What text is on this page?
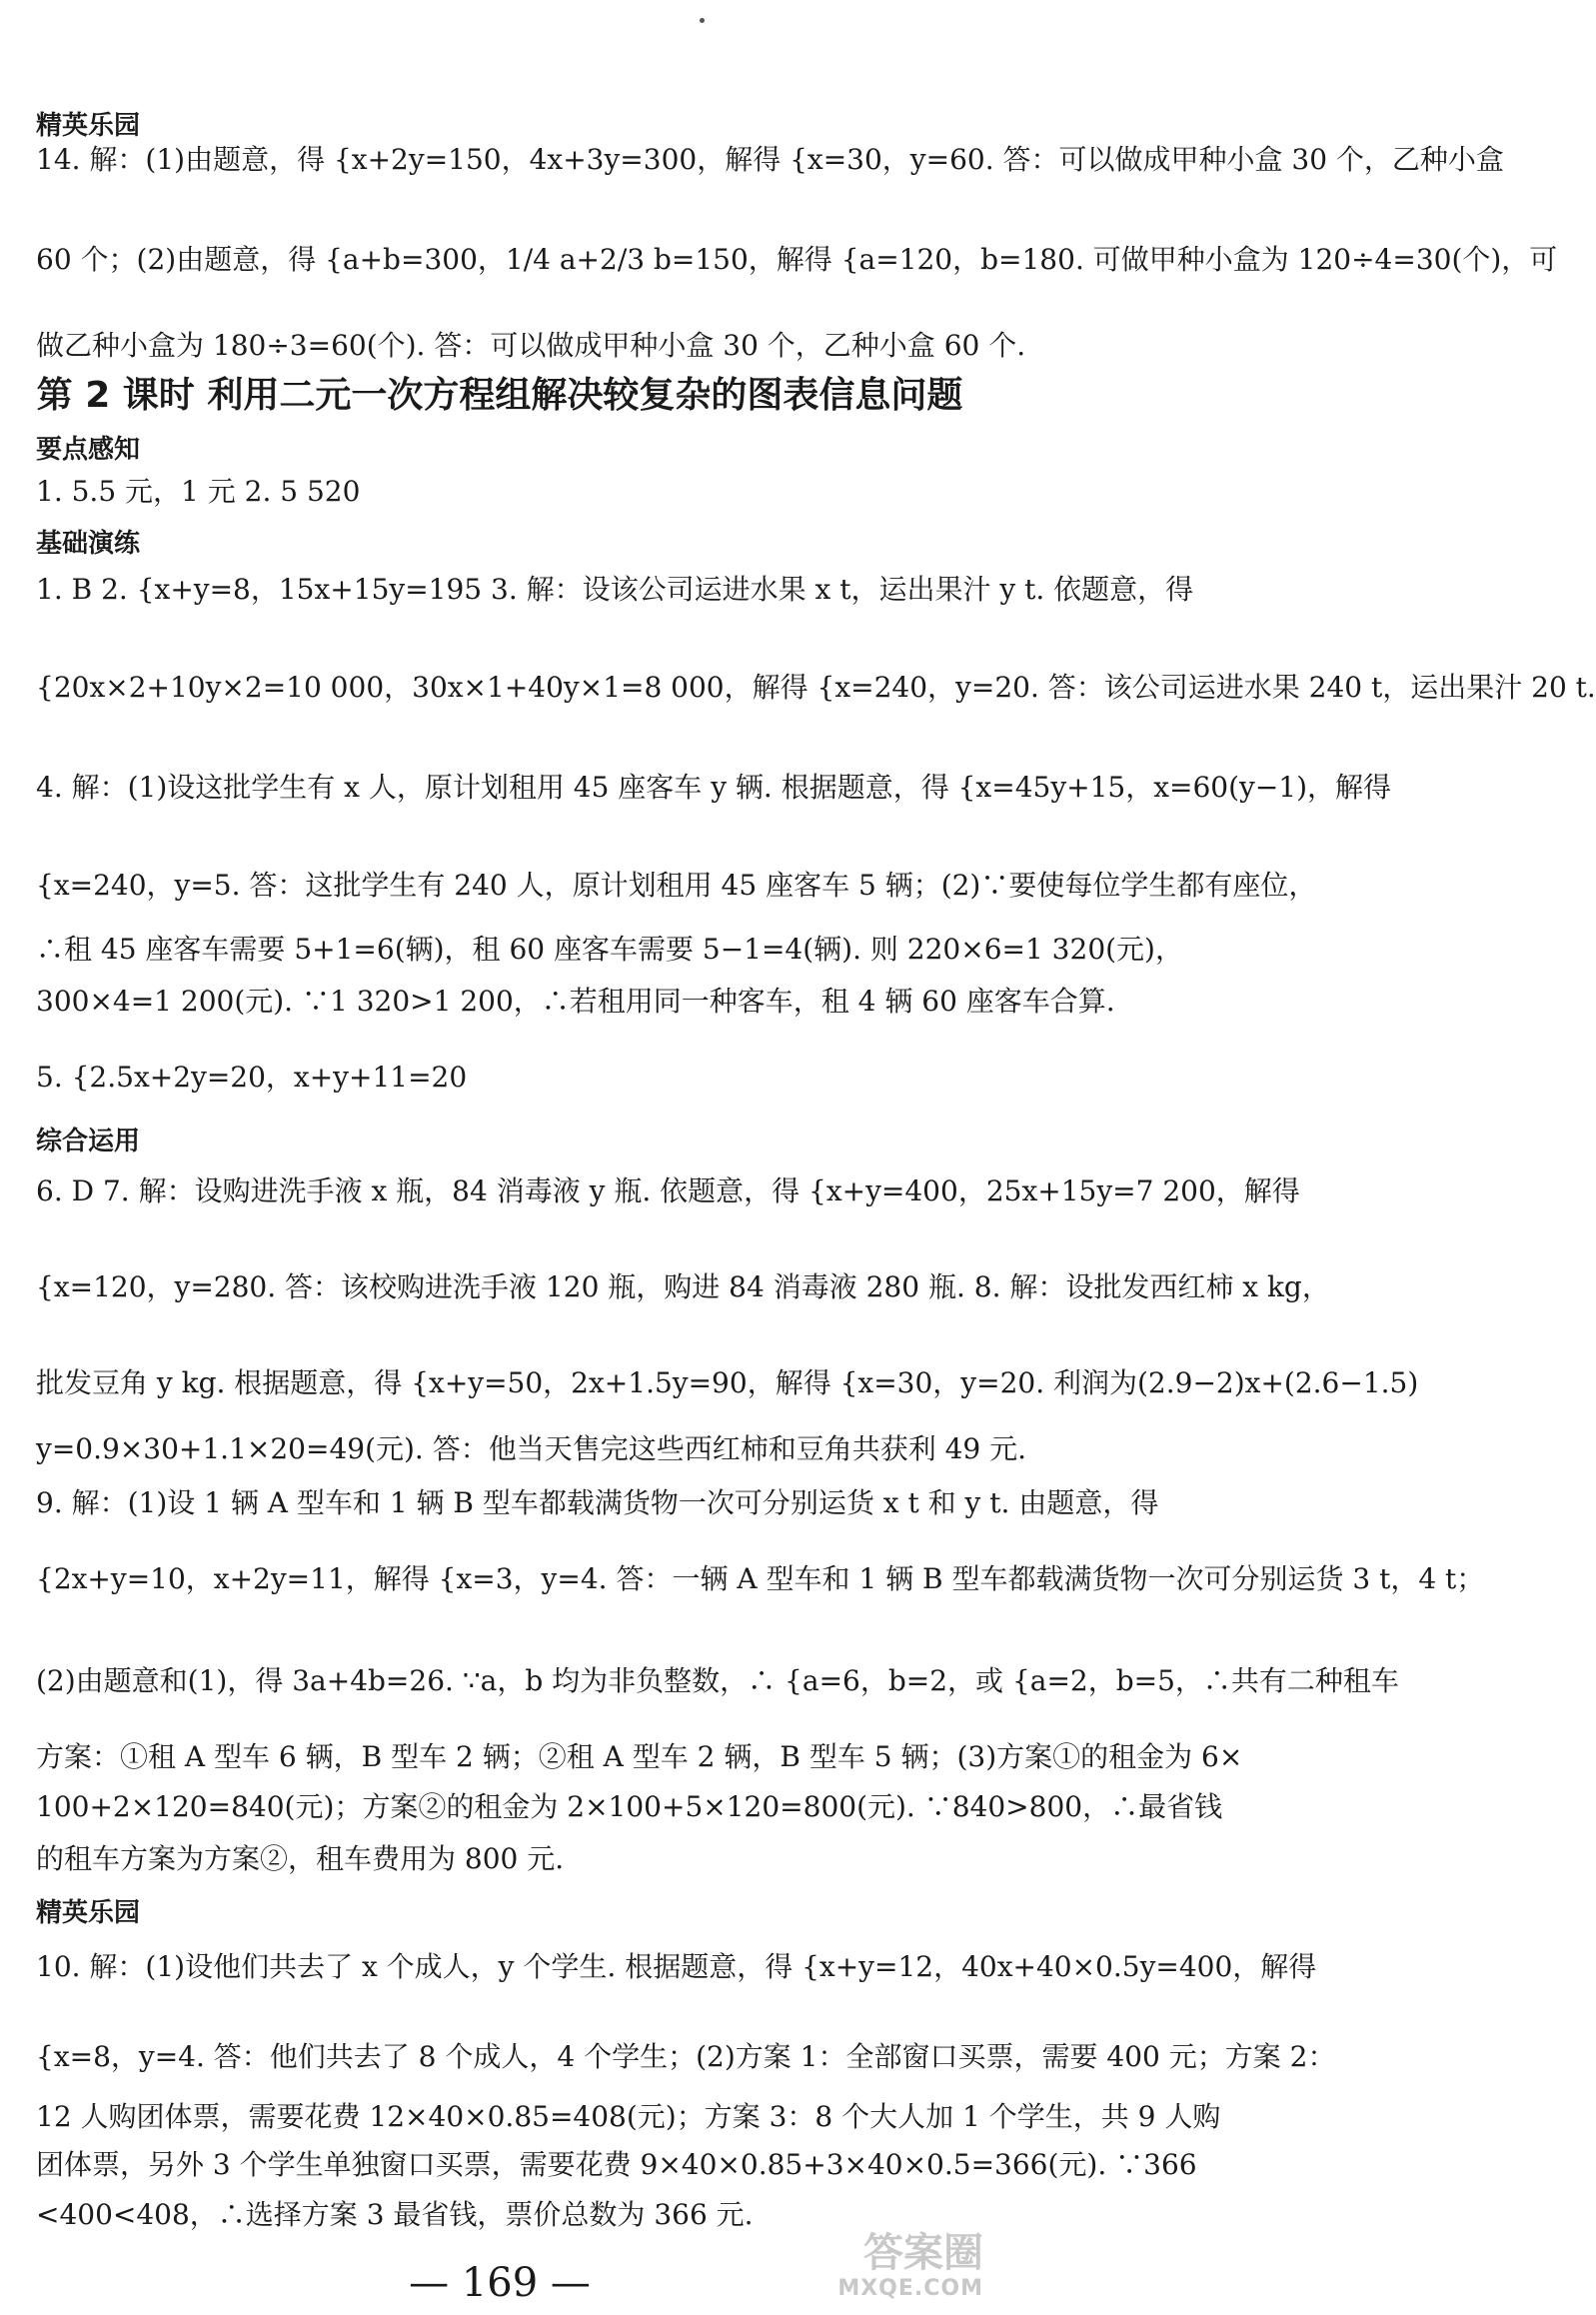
精英乐园
14. 解：(1)由题意，得 {x+2y=150，4x+3y=300，解得 {x=30，y=60. 答：可以做成甲种小盒 30 个，乙种小盒
60 个；(2)由题意，得 {a+b=300，1/4 a+2/3 b=150，解得 {a=120，b=180. 可做甲种小盒为 120÷4=30(个)，可
做乙种小盒为 180÷3=60(个). 答：可以做成甲种小盒 30 个，乙种小盒 60 个.
第 2 课时 利用二元一次方程组解决较复杂的图表信息问题
要点感知
1. 5.5 元，1 元 2. 5 520
基础演练
1. B 2. {x+y=8，15x+15y=195 3. 解：设该公司运进水果 x t，运出果汁 y t. 依题意，得
{20x×2+10y×2=10 000，30x×1+40y×1=8 000，解得 {x=240，y=20. 答：该公司运进水果 240 t，运出果汁 20 t.
4. 解：(1)设这批学生有 x 人，原计划租用 45 座客车 y 辆. 根据题意，得 {x=45y+15，x=60(y−1)，解得
{x=240，y=5. 答：这批学生有 240 人，原计划租用 45 座客车 5 辆；(2)∵要使每位学生都有座位，
∴租 45 座客车需要 5+1=6(辆)，租 60 座客车需要 5−1=4(辆). 则 220×6=1 320(元)，
300×4=1 200(元). ∵1 320>1 200，∴若租用同一种客车，租 4 辆 60 座客车合算.
5. {2.5x+2y=20，x+y+11=20
综合运用
6. D 7. 解：设购进洗手液 x 瓶，84 消毒液 y 瓶. 依题意，得 {x+y=400，25x+15y=7 200，解得
{x=120，y=280. 答：该校购进洗手液 120 瓶，购进 84 消毒液 280 瓶. 8. 解：设批发西红柿 x kg，
批发豆角 y kg. 根据题意，得 {x+y=50，2x+1.5y=90，解得 {x=30，y=20. 利润为(2.9−2)x+(2.6−1.5)
y=0.9×30+1.1×20=49(元). 答：他当天售完这些西红柿和豆角共获利 49 元.
9. 解：(1)设 1 辆 A 型车和 1 辆 B 型车都载满货物一次可分别运货 x t 和 y t. 由题意，得
{2x+y=10，x+2y=11，解得 {x=3，y=4. 答：一辆 A 型车和 1 辆 B 型车都载满货物一次可分别运货 3 t，4 t；
(2)由题意和(1)，得 3a+4b=26. ∵a，b 均为非负整数，∴ {a=6，b=2，或 {a=2，b=5，∴共有二种租车
方案：①租 A 型车 6 辆，B 型车 2 辆；②租 A 型车 2 辆，B 型车 5 辆；(3)方案①的租金为 6×
100+2×120=840(元)；方案②的租金为 2×100+5×120=800(元). ∵840>800，∴最省钱
的租车方案为方案②，租车费用为 800 元.
精英乐园
10. 解：(1)设他们共去了 x 个成人，y 个学生. 根据题意，得 {x+y=12，40x+40×0.5y=400，解得
{x=8，y=4. 答：他们共去了 8 个成人，4 个学生；(2)方案 1：全部窗口买票，需要 400 元；方案 2：
12 人购团体票，需要花费 12×40×0.85=408(元)；方案 3：8 个大人加 1 个学生，共 9 人购
团体票，另外 3 个学生单独窗口买票，需要花费 9×40×0.85+3×40×0.5=366(元). ∵366
<400<408，∴选择方案 3 最省钱，票价总数为 366 元.
— 169 —
答案圈
MXQE.COM
